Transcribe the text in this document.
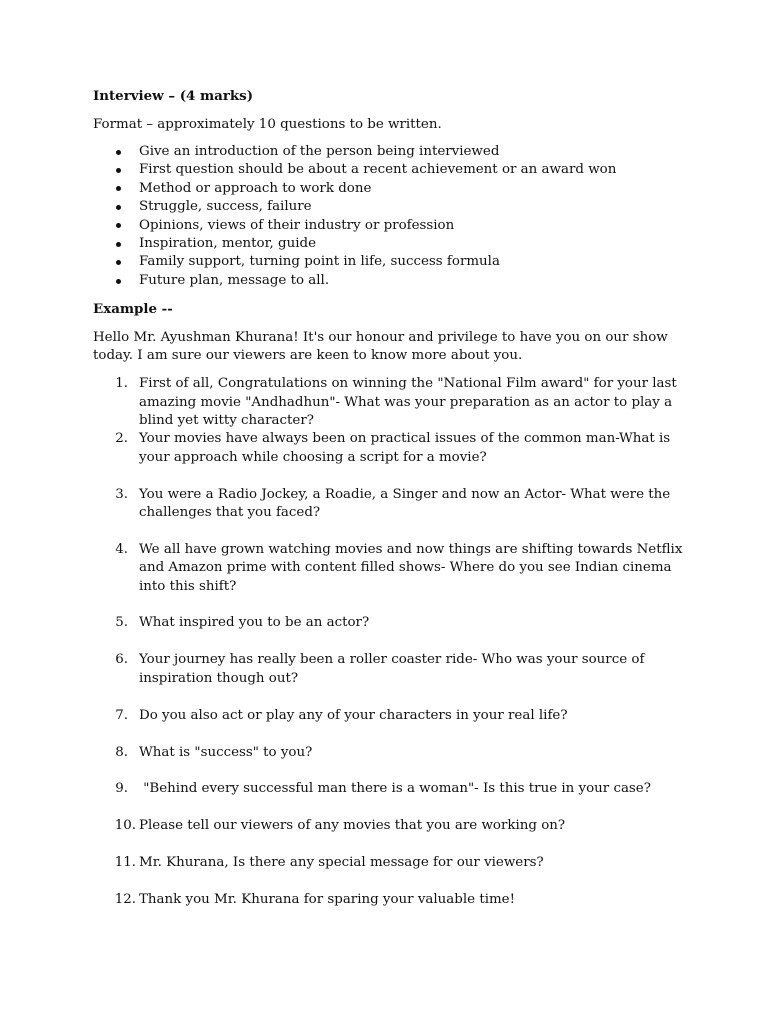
Interview – (4 marks)
Format – approximately 10 questions to be written.
Give an introduction of the person being interviewed
First question should be about a recent achievement or an award won
Method or approach to work done
Struggle, success, failure
Opinions, views of their industry or profession
Inspiration, mentor, guide
Family support, turning point in life, success formula
Future plan, message to all.
Example --
Hello Mr. Ayushman Khurana! It's our honour and privilege to have you on our show
today. I am sure our viewers are keen to know more about you.
1. First of all, Congratulations on winning the "National Film award" for your last
amazing movie "Andhadhun"- What was your preparation as an actor to play a
blind yet witty character?
2. Your movies have always been on practical issues of the common man-What is
your approach while choosing a script for a movie?
3. You were a Radio Jockey, a Roadie, a Singer and now an Actor- What were the
challenges that you faced?
4. We all have grown watching movies and now things are shifting towards Netflix
and Amazon prime with content filled shows- Where do you see Indian cinema
into this shift?
5. What inspired you to be an actor?
6. Your journey has really been a roller coaster ride- Who was your source of
inspiration though out?
7. Do you also act or play any of your characters in your real life?
8. What is "success" to you?
9. "Behind every successful man there is a woman"- Is this true in your case?
10. Please tell our viewers of any movies that you are working on?
11. Mr. Khurana, Is there any special message for our viewers?
12. Thank you Mr. Khurana for sparing your valuable time!
